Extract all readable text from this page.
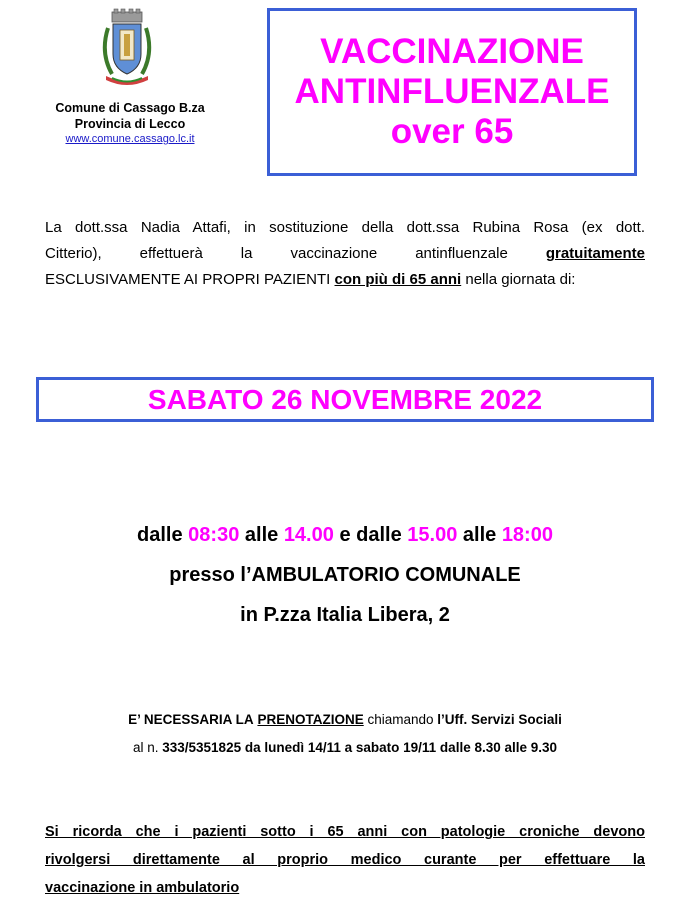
Comune di Cassago B.za
Provincia di Lecco
www.comune.cassago.lc.it
VACCINAZIONE
ANTINFLUENZALE
over 65
La dott.ssa Nadia Attafi, in sostituzione della dott.ssa Rubina Rosa (ex dott.
Citterio), effettuerà la vaccinazione antinfluenzale	gratuitamente
ESCLUSIVAMENTE AI PROPRI PAZIENTI con più di 65 anni nella giornata di:
SABATO 26 NOVEMBRE 2022
dalle 08:30 alle 14.00 e dalle 15.00 alle 18:00
presso l’AMBULATORIO COMUNALE
in P.zza Italia Libera, 2
E’ NECESSARIA LA PRENOTAZIONE chiamando l’Uff. Servizi Sociali
al n. 333/5351825 da lunedì 14/11 a sabato 19/11 dalle 8.30 alle 9.30
Si ricorda che i pazienti sotto i 65 anni con patologie croniche devono
rivolgersi direttamente al proprio medico curante per effettuare la
vaccinazione in ambulatorio
